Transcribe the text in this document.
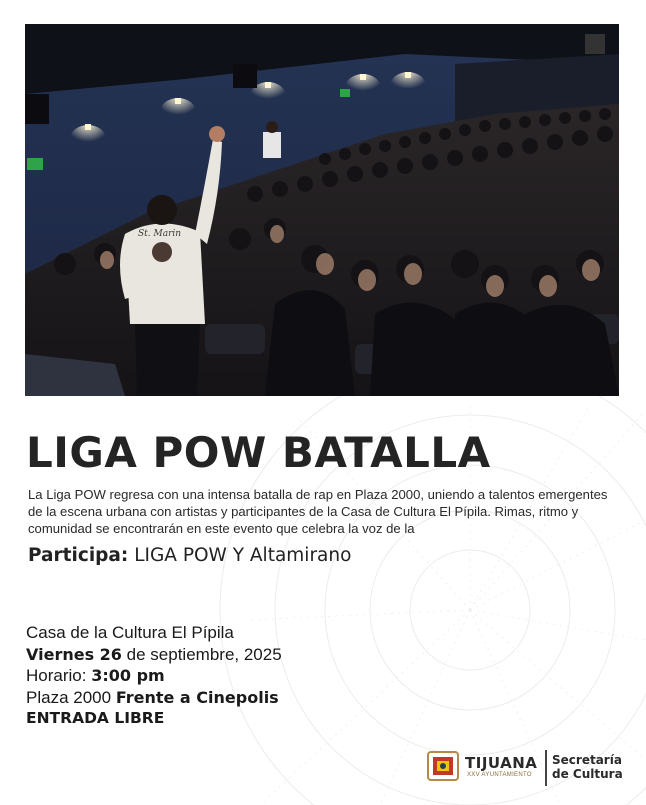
St. Marin
LIGA POW BATALLA

La Liga POW regresa con una intensa batalla de rap en Plaza 2000, uniendo a talentos emergentes de la escena urbana con artistas y participantes de la Casa de Cultura El Pípila. Rimas, ritmo y comunidad se encontrarán en este evento que celebra la voz de la

Participa: LIGA POW Y Altamirano
Casa de la Cultura El Pípila
Viernes 26 de septiembre, 2025
Horario: 3:00 pm
Plaza 2000 Frente a Cinepolis
ENTRADA LIBRE
TIJUANA
XXV AYUNTAMIENTO
Secretaría
de Cultura
